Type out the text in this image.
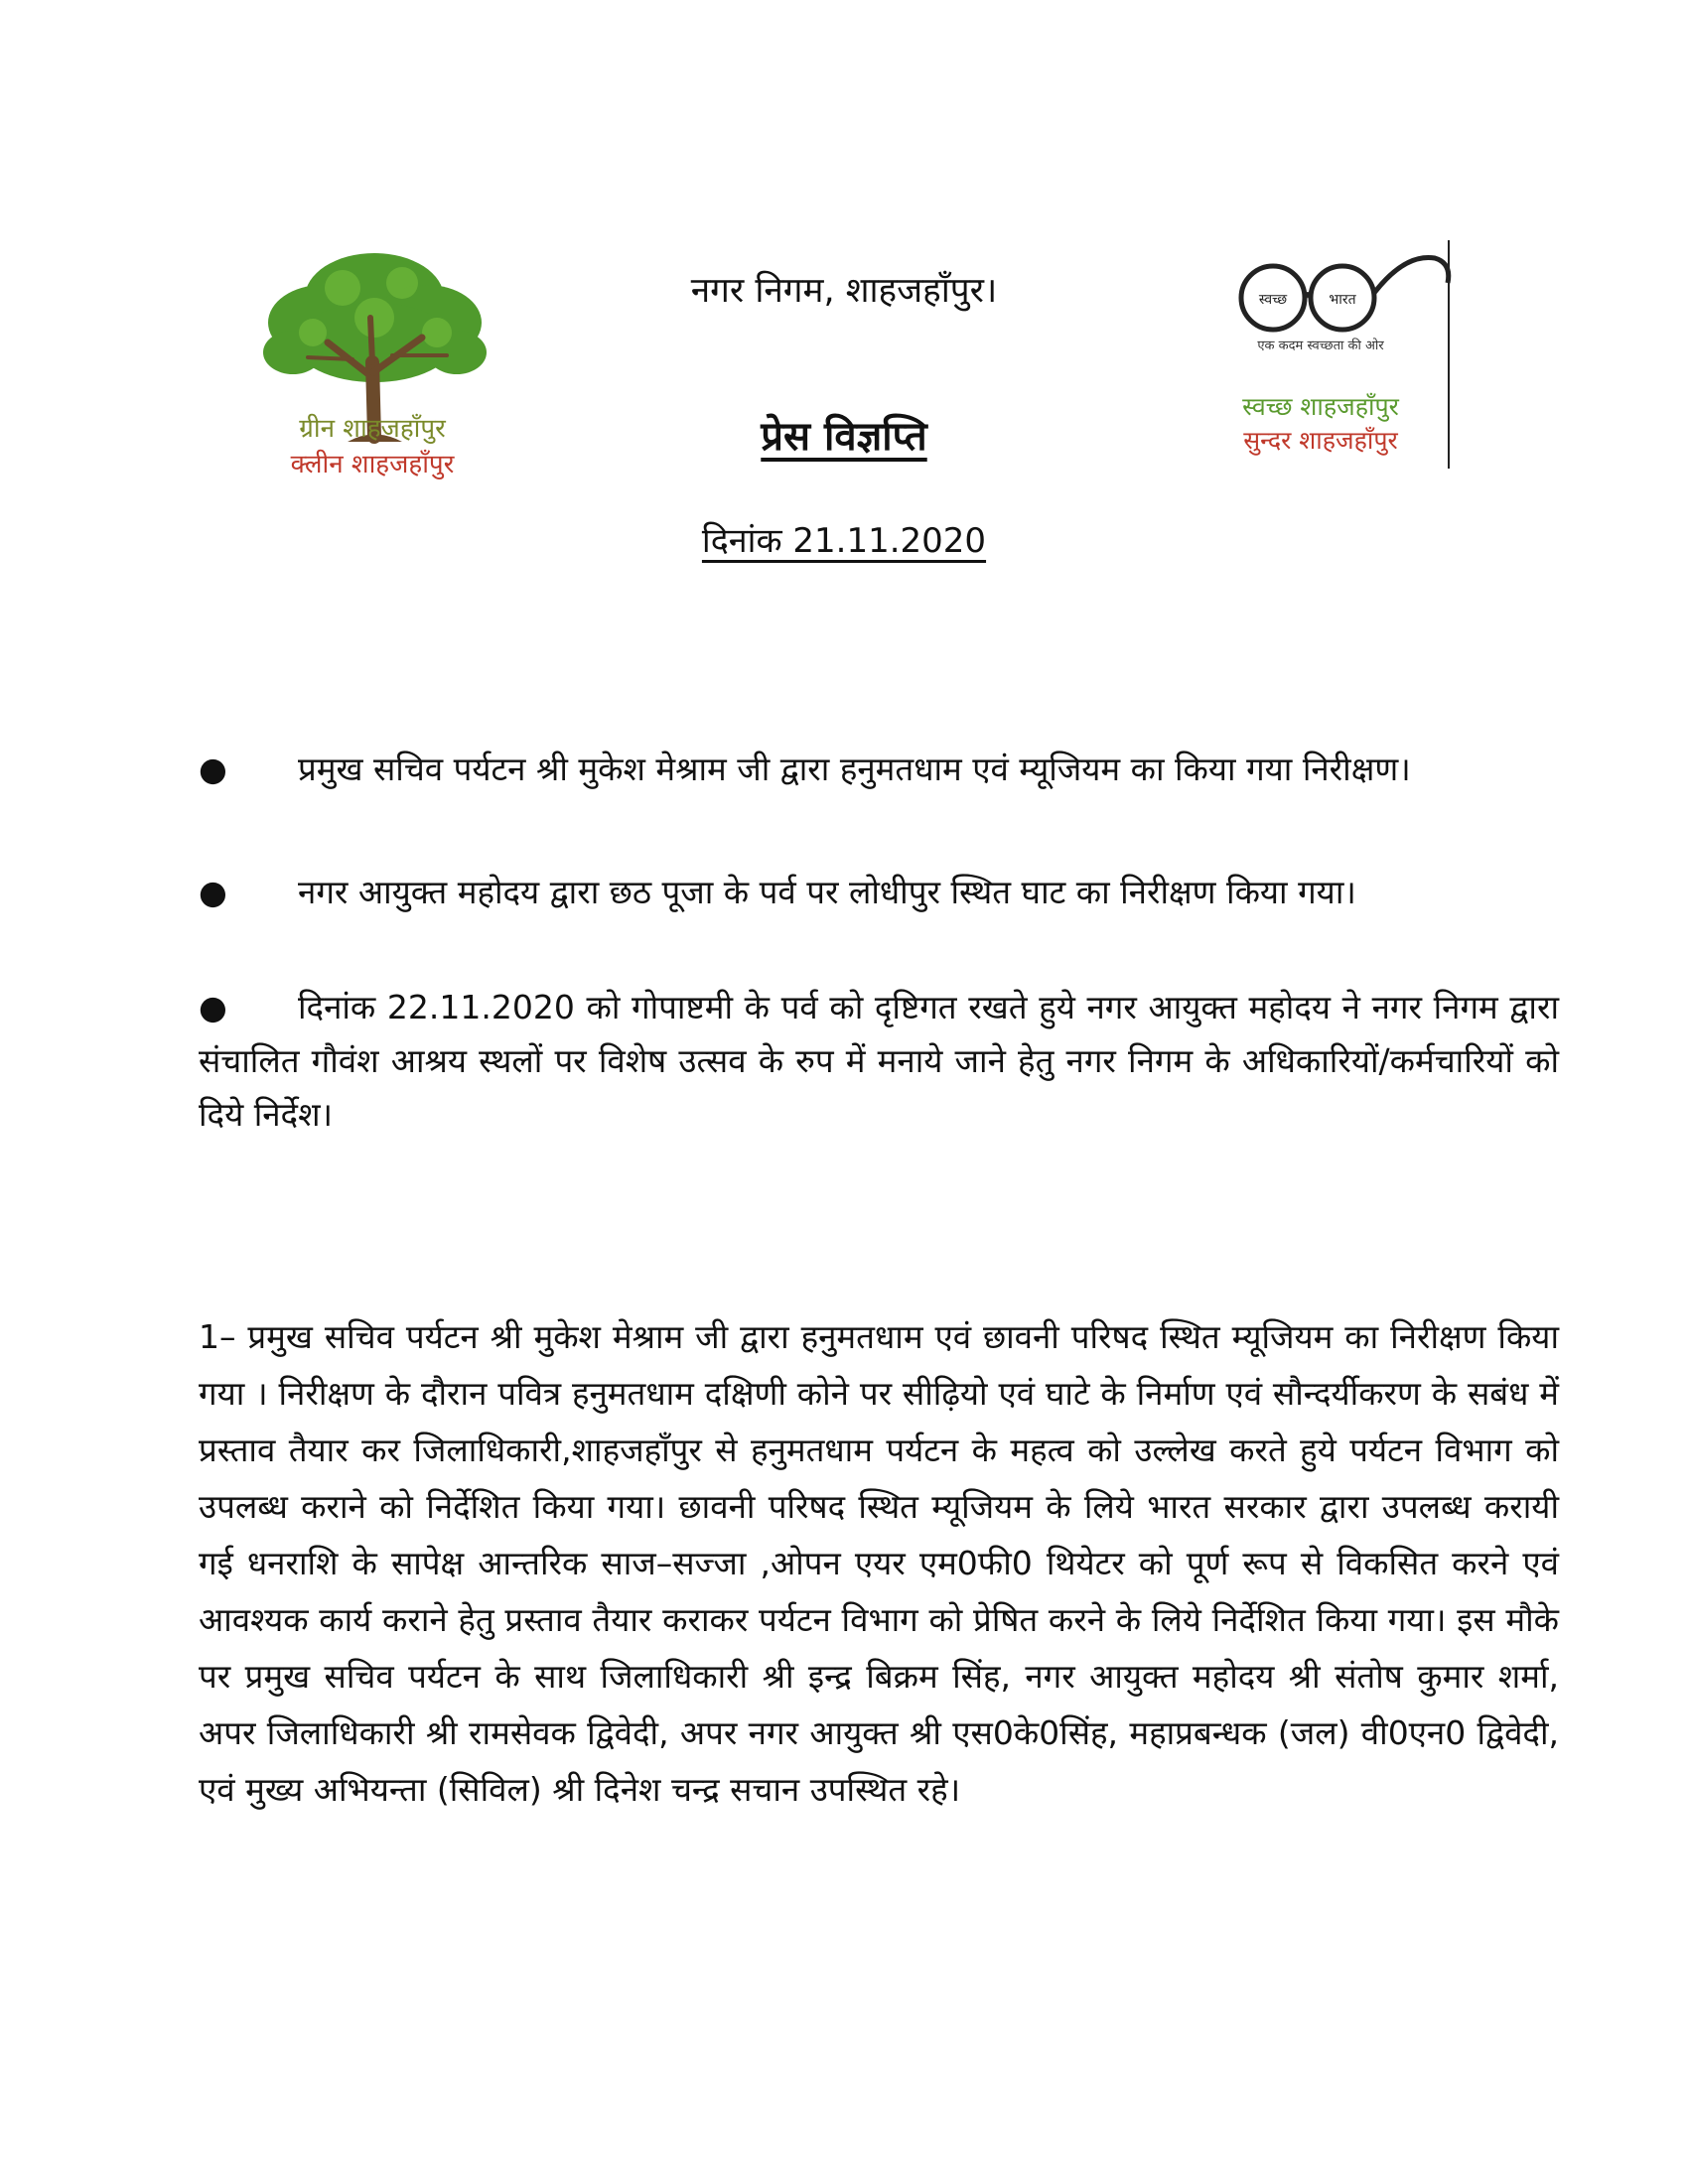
ग्रीन शाहजहाँपुर
क्लीन शाहजहाँपुर
नगर निगम, शाहजहाँपुर।
प्रेस विज्ञप्ति
दिनांक 21.11.2020
स्वच्छ	भारत
एक कदम स्वच्छता की ओर
स्वच्छ शाहजहाँपुर
सुन्दर शाहजहाँपुर
● प्रमुख सचिव पर्यटन श्री मुकेश मेश्राम जी द्वारा हनुमतधाम एवं म्यूजियम का किया गया निरीक्षण।
● नगर आयुक्त महोदय द्वारा छठ पूजा के पर्व पर लोधीपुर स्थित घाट का निरीक्षण किया गया।
● दिनांक 22.11.2020 को गोपाष्टमी के पर्व को दृष्टिगत रखते हुये नगर आयुक्त महोदय ने नगर निगम द्वारा संचालित गौवंश आश्रय स्थलों पर विशेष उत्सव के रुप में मनाये जाने हेतु नगर निगम के अधिकारियों/कर्मचारियों को दिये निर्देश।
1– प्रमुख सचिव पर्यटन श्री मुकेश मेश्राम जी द्वारा हनुमतधाम एवं छावनी परिषद स्थित म्यूजियम का निरीक्षण किया गया । निरीक्षण के दौरान पवित्र हनुमतधाम दक्षिणी कोने पर सीढ़ियो एवं घाटे के निर्माण एवं सौन्दर्यीकरण के सबंध में प्रस्ताव तैयार कर जिलाधिकारी,शाहजहाँपुर से हनुमतधाम पर्यटन के महत्व को उल्लेख करते हुये पर्यटन विभाग को उपलब्ध कराने को निर्देशित किया गया। छावनी परिषद स्थित म्यूजियम के लिये भारत सरकार द्वारा उपलब्ध करायी गई धनराशि के सापेक्ष आन्तरिक साज–सज्जा ,ओपन एयर एम0फी0 थियेटर को पूर्ण रूप से विकसित करने एवं आवश्यक कार्य कराने हेतु प्रस्ताव तैयार कराकर पर्यटन विभाग को प्रेषित करने के लिये निर्देशित किया गया। इस मौके पर प्रमुख सचिव पर्यटन के साथ जिलाधिकारी श्री इन्द्र बिक्रम सिंह, नगर आयुक्त महोदय श्री संतोष कुमार शर्मा, अपर जिलाधिकारी श्री रामसेवक द्विवेदी, अपर नगर आयुक्त श्री एस0के0सिंह, महाप्रबन्धक (जल) वी0एन0 द्विवेदी, एवं मुख्य अभियन्ता (सिविल) श्री दिनेश चन्द्र सचान उपस्थित रहे।
